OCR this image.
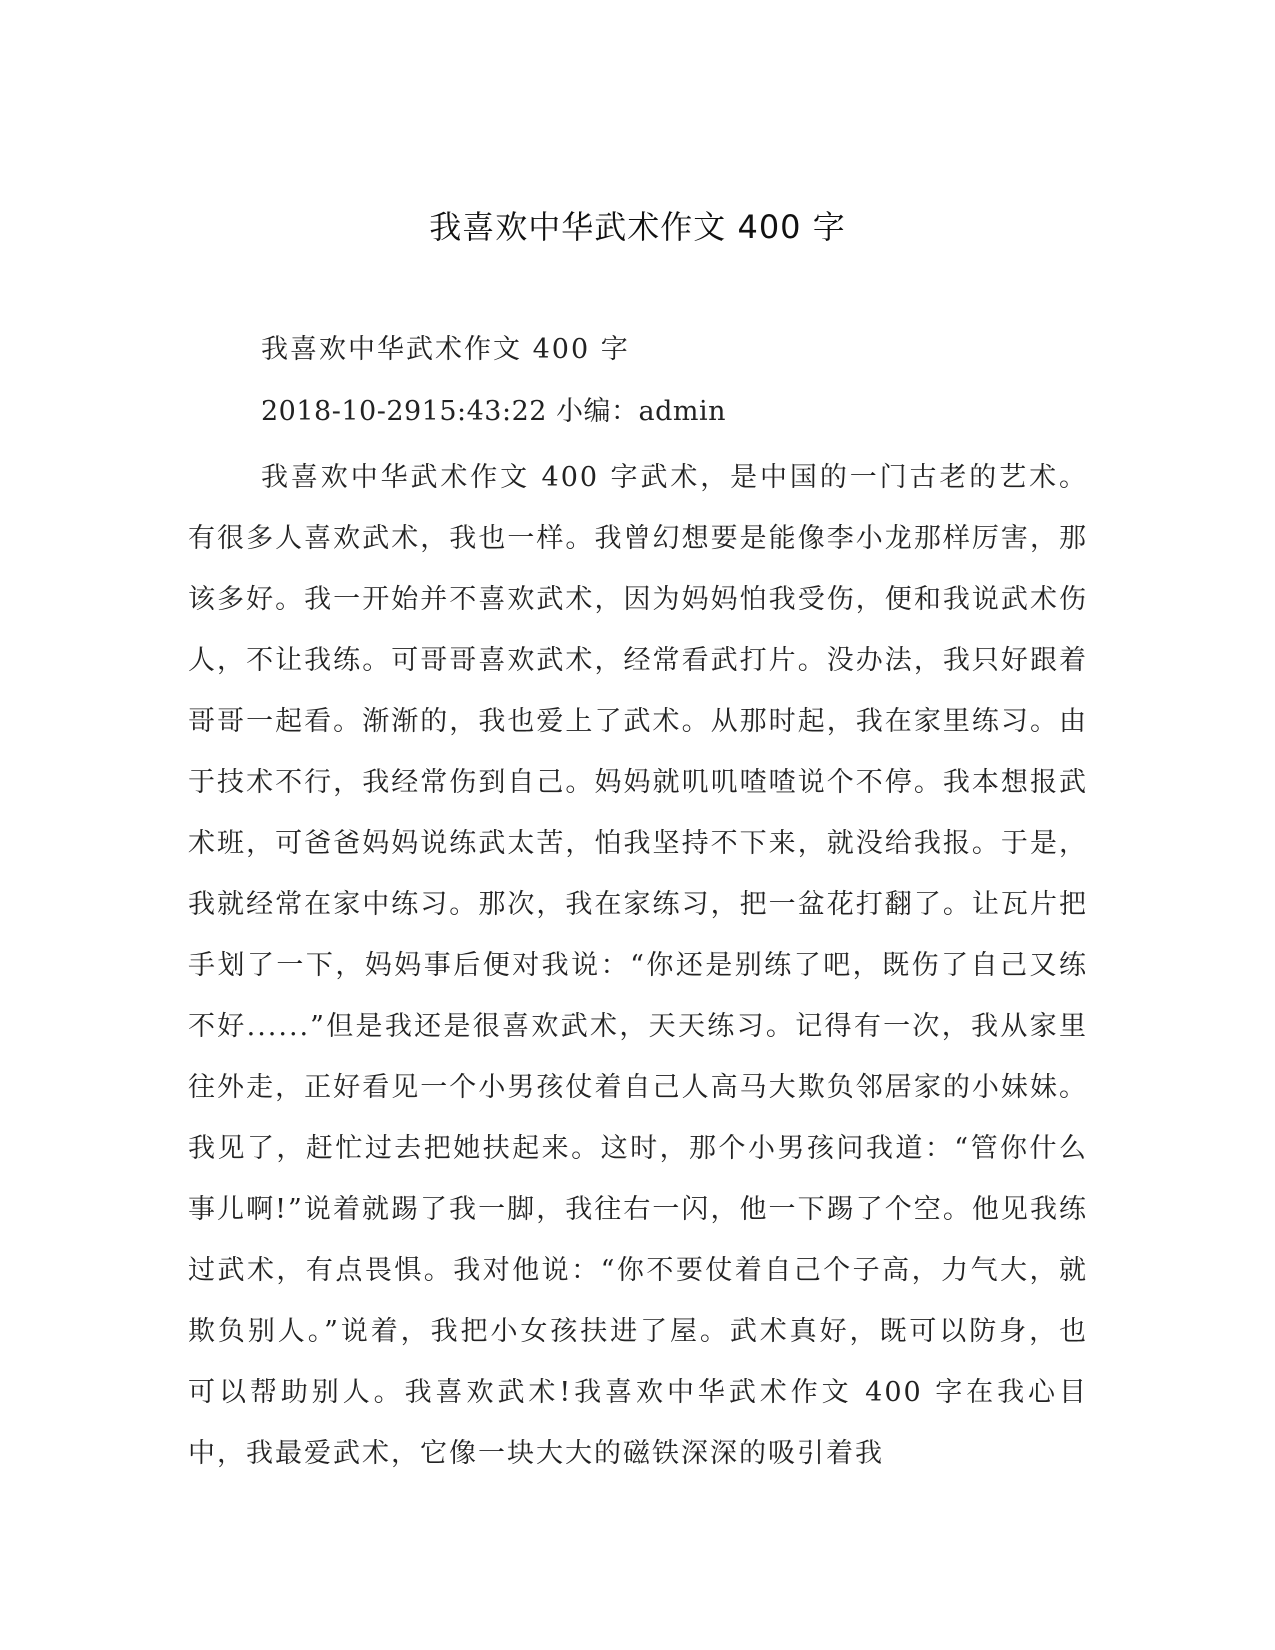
我喜欢中华武术作文 400 字

我喜欢中华武术作文 400 字

2018-10-2915:43:22 小编：admin

我喜欢中华武术作文 400 字武术，是中国的一门古老的艺术。有很多人喜欢武术，我也一样。我曾幻想要是能像李小龙那样厉害，那该多好。我一开始并不喜欢武术，因为妈妈怕我受伤，便和我说武术伤人，不让我练。可哥哥喜欢武术，经常看武打片。没办法，我只好跟着哥哥一起看。渐渐的，我也爱上了武术。从那时起，我在家里练习。由于技术不行，我经常伤到自己。妈妈就叽叽喳喳说个不停。我本想报武术班，可爸爸妈妈说练武太苦，怕我坚持不下来，就没给我报。于是，我就经常在家中练习。那次，我在家练习，把一盆花打翻了。让瓦片把手划了一下，妈妈事后便对我说：“你还是别练了吧，既伤了自己又练不好......”但是我还是很喜欢武术，天天练习。记得有一次，我从家里往外走，正好看见一个小男孩仗着自己人高马大欺负邻居家的小妹妹。我见了，赶忙过去把她扶起来。这时，那个小男孩问我道：“管你什么事儿啊!”说着就踢了我一脚，我往右一闪，他一下踢了个空。他见我练过武术，有点畏惧。我对他说：“你不要仗着自己个子高，力气大，就欺负别人。”说着，我把小女孩扶进了屋。武术真好，既可以防身，也可以帮助别人。我喜欢武术!我喜欢中华武术作文 400 字在我心目中，我最爱武术，它像一块大大的磁铁深深的吸引着我
